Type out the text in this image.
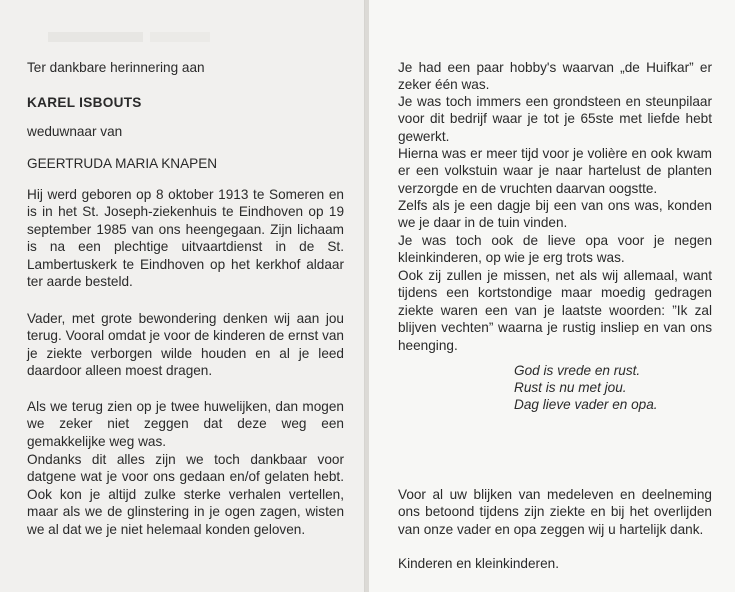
Ter dankbare herinnering aan
KAREL ISBOUTS
weduwnaar van
GEERTRUDA MARIA KNAPEN

Hij werd geboren op 8 oktober 1913 te Someren en is in het St. Joseph-ziekenhuis te Eindhoven op 19 september 1985 van ons heengegaan. Zijn lichaam is na een plechtige uitvaartdienst in de St. Lambertuskerk te Eindhoven op het kerkhof aldaar ter aarde besteld.

Vader, met grote bewondering denken wij aan jou terug. Vooral omdat je voor de kinderen de ernst van je ziekte verborgen wilde houden en al je leed daardoor alleen moest dragen.

Als we terug zien op je twee huwelijken, dan mogen we zeker niet zeggen dat deze weg een gemakkelijke weg was.

Ondanks dit alles zijn we toch dankbaar voor datgene wat je voor ons gedaan en/of gelaten hebt. Ook kon je altijd zulke sterke verhalen vertellen, maar als we de glinstering in je ogen zagen, wisten we al dat we je niet helemaal konden geloven.

Je had een paar hobby's waarvan „de Huifkar” er zeker één was.

Je was toch immers een grondsteen en steunpilaar voor dit bedrijf waar je tot je 65ste met liefde hebt gewerkt.

Hierna was er meer tijd voor je volière en ook kwam er een volkstuin waar je naar hartelust de planten verzorgde en de vruchten daarvan oogstte.

Zelfs als je een dagje bij een van ons was, konden we je daar in de tuin vinden.

Je was toch ook de lieve opa voor je negen kleinkinderen, op wie je erg trots was.

Ook zij zullen je missen, net als wij allemaal, want tijdens een kortstondige maar moedig gedragen ziekte waren een van je laatste woorden: ”Ik zal blijven vechten” waarna je rustig insliep en van ons heenging.

God is vrede en rust.
Rust is nu met jou.
Dag lieve vader en opa.

Voor al uw blijken van medeleven en deelneming ons betoond tijdens zijn ziekte en bij het overlijden van onze vader en opa zeggen wij u hartelijk dank.

Kinderen en kleinkinderen.
